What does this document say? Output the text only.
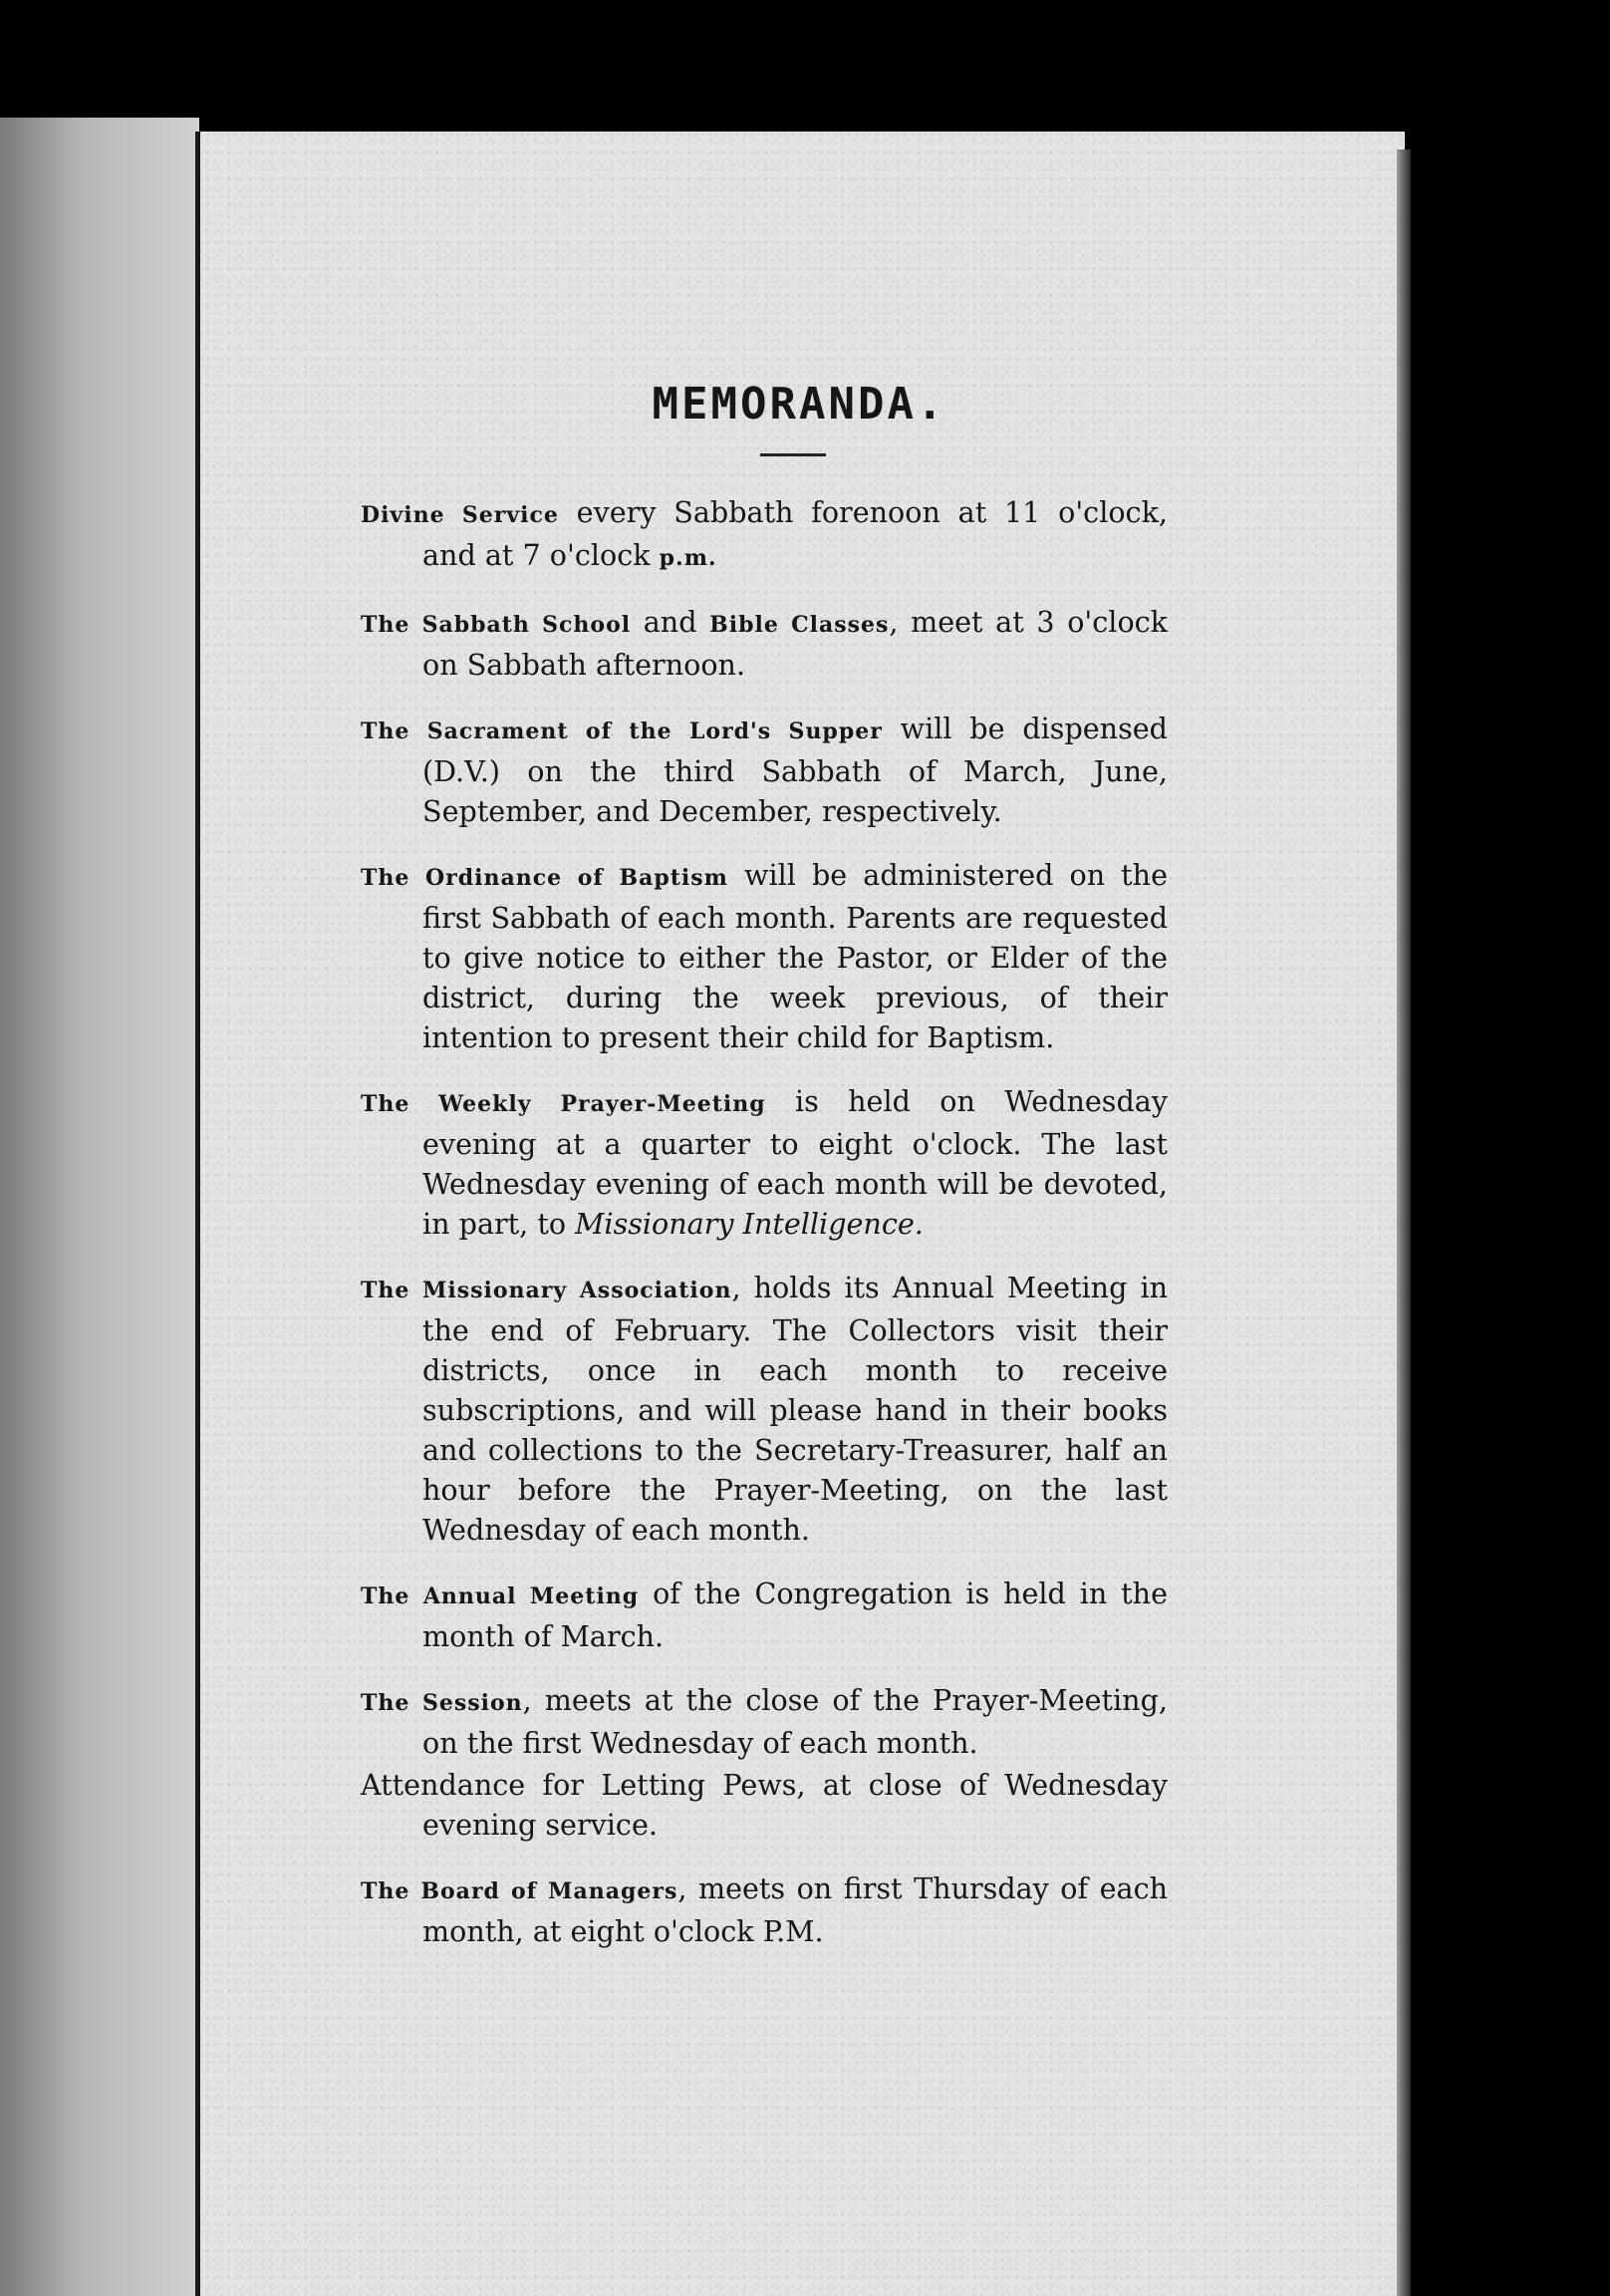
MEMORANDA.

Divine Service every Sabbath forenoon at 11 o'clock, and at 7 o'clock p.m.

The Sabbath School and Bible Classes, meet at 3 o'clock on Sabbath afternoon.

The Sacrament of the Lord's Supper will be dispensed (D.V.) on the third Sabbath of March, June, September, and December, respectively.

The Ordinance of Baptism will be administered on the first Sabbath of each month. Parents are requested to give notice to either the Pastor, or Elder of the district, during the week previous, of their intention to present their child for Baptism.

The Weekly Prayer-Meeting is held on Wednesday evening at a quarter to eight o'clock. The last Wednesday evening of each month will be devoted, in part, to Missionary Intelligence.

The Missionary Association, holds its Annual Meeting in the end of February. The Collectors visit their districts, once in each month to receive subscriptions, and will please hand in their books and collections to the Secretary-Treasurer, half an hour before the Prayer-Meeting, on the last Wednesday of each month.

The Annual Meeting of the Congregation is held in the month of March.

The Session, meets at the close of the Prayer-Meeting, on the first Wednesday of each month.

Attendance for Letting Pews, at close of Wednesday evening service.

The Board of Managers, meets on first Thursday of each month, at eight o'clock P.M.
